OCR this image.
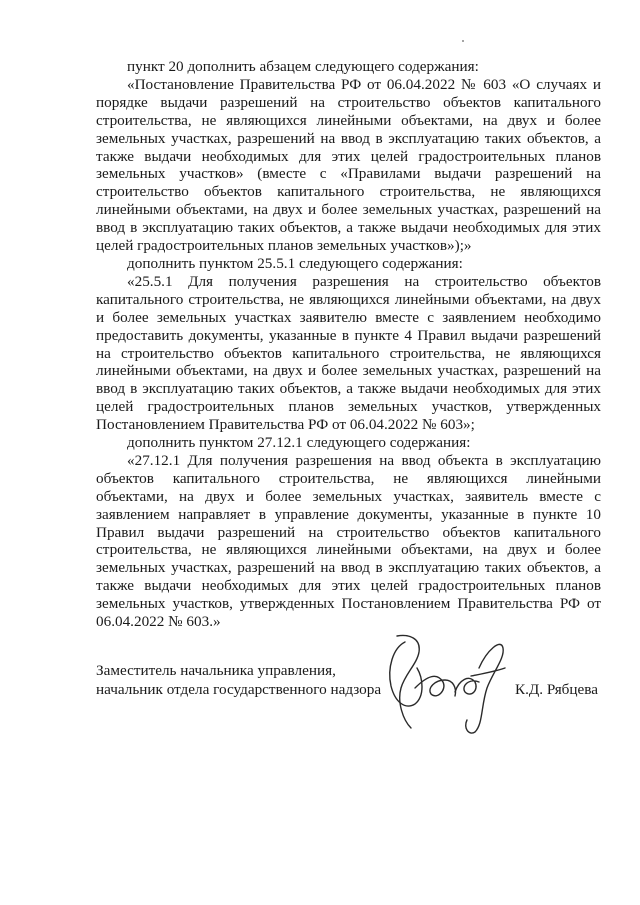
пункт 20 дополнить абзацем следующего содержания:

«Постановление Правительства РФ от 06.04.2022 № 603 «О случаях и порядке выдачи разрешений на строительство объектов капитального строительства, не являющихся линейными объектами, на двух и более земельных участках, разрешений на ввод в эксплуатацию таких объектов, а также выдачи необходимых для этих целей градостроительных планов земельных участков» (вместе с «Правилами выдачи разрешений на строительство объектов капитального строительства, не являющихся линейными объектами, на двух и более земельных участках, разрешений на ввод в эксплуатацию таких объектов, а также выдачи необходимых для этих целей градостроительных планов земельных участков»);»

дополнить пунктом 25.5.1 следующего содержания:

«25.5.1 Для получения разрешения на строительство объектов капитального строительства, не являющихся линейными объектами, на двух и более земельных участках заявителю вместе с заявлением необходимо предоставить документы, указанные в пункте 4 Правил выдачи разрешений на строительство объектов капитального строительства, не являющихся линейными объектами, на двух и более земельных участках, разрешений на ввод в эксплуатацию таких объектов, а также выдачи необходимых для этих целей градостроительных планов земельных участков, утвержденных Постановлением Правительства РФ от 06.04.2022 № 603»;

дополнить пунктом 27.12.1 следующего содержания:

«27.12.1 Для получения разрешения на ввод объекта в эксплуатацию объектов капитального строительства, не являющихся линейными объектами, на двух и более земельных участках, заявитель вместе с заявлением направляет в управление документы, указанные в пункте 10 Правил выдачи разрешений на строительство объектов капитального строительства, не являющихся линейными объектами, на двух и более земельных участках, разрешений на ввод в эксплуатацию таких объектов, а также выдачи необходимых для этих целей градостроительных планов земельных участков, утвержденных Постановлением Правительства РФ от 06.04.2022 № 603.»

Заместитель начальника управления,
начальник отдела государственного надзора	К.Д. Рябцева
